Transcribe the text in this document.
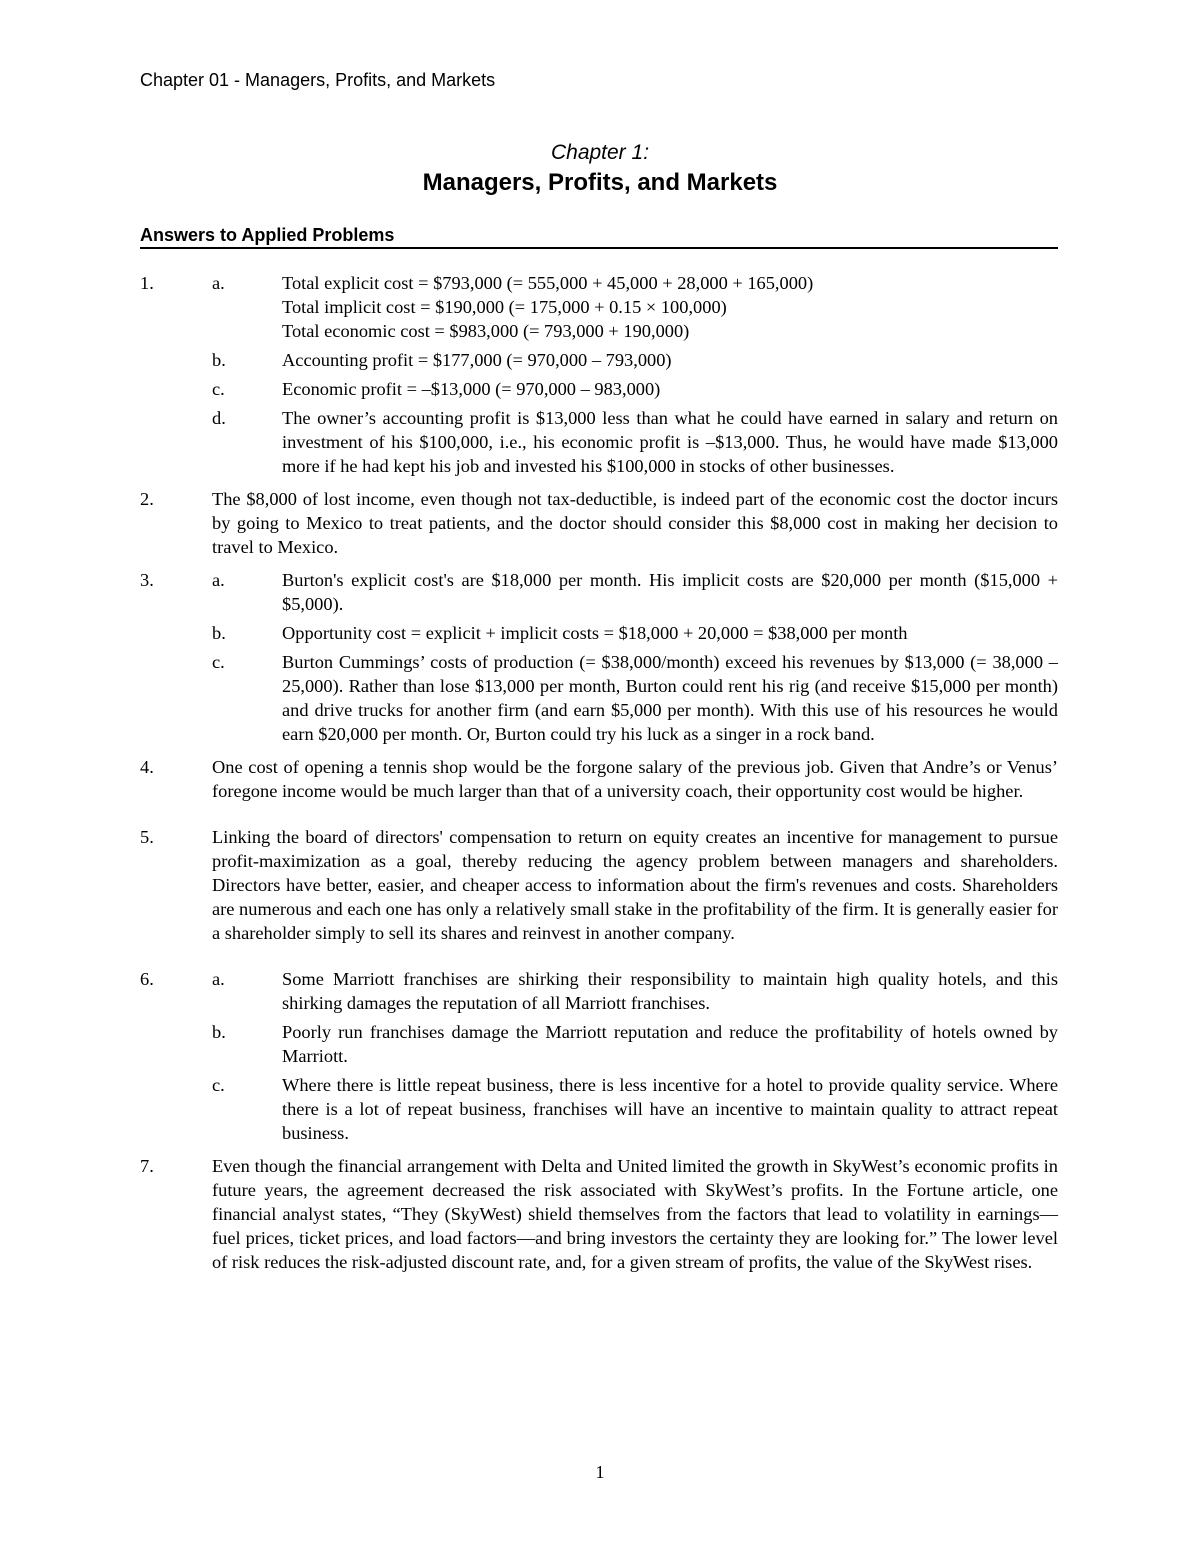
Chapter 01 - Managers, Profits, and Markets
Chapter 1:
Managers, Profits, and Markets
Answers to Applied Problems
1.	a.	Total explicit cost = $793,000 (= 555,000 + 45,000 + 28,000 + 165,000)
Total implicit cost = $190,000 (= 175,000 + 0.15 × 100,000)
Total economic cost = $983,000 (= 793,000 + 190,000)
b.	Accounting profit = $177,000 (= 970,000 – 793,000)
c.	Economic profit = –$13,000 (= 970,000 – 983,000)
d.	The owner’s accounting profit is $13,000 less than what he could have earned in salary and return on investment of his $100,000, i.e., his economic profit is –$13,000. Thus, he would have made $13,000 more if he had kept his job and invested his $100,000 in stocks of other businesses.
2.	The $8,000 of lost income, even though not tax-deductible, is indeed part of the economic cost the doctor incurs by going to Mexico to treat patients, and the doctor should consider this $8,000 cost in making her decision to travel to Mexico.
3.	a.	Burton's explicit cost's are $18,000 per month. His implicit costs are $20,000 per month ($15,000 + $5,000).
b.	Opportunity cost = explicit + implicit costs = $18,000 + 20,000 = $38,000 per month
c.	Burton Cummings’ costs of production (= $38,000/month) exceed his revenues by $13,000 (= 38,000 – 25,000). Rather than lose $13,000 per month, Burton could rent his rig (and receive $15,000 per month) and drive trucks for another firm (and earn $5,000 per month). With this use of his resources he would earn $20,000 per month. Or, Burton could try his luck as a singer in a rock band.
4.	One cost of opening a tennis shop would be the forgone salary of the previous job. Given that Andre’s or Venus’ foregone income would be much larger than that of a university coach, their opportunity cost would be higher.
5.	Linking the board of directors' compensation to return on equity creates an incentive for management to pursue profit-maximization as a goal, thereby reducing the agency problem between managers and shareholders. Directors have better, easier, and cheaper access to information about the firm's revenues and costs. Shareholders are numerous and each one has only a relatively small stake in the profitability of the firm. It is generally easier for a shareholder simply to sell its shares and reinvest in another company.
6.	a.	Some Marriott franchises are shirking their responsibility to maintain high quality hotels, and this shirking damages the reputation of all Marriott franchises.
b.	Poorly run franchises damage the Marriott reputation and reduce the profitability of hotels owned by Marriott.
c.	Where there is little repeat business, there is less incentive for a hotel to provide quality service. Where there is a lot of repeat business, franchises will have an incentive to maintain quality to attract repeat business.
7.	Even though the financial arrangement with Delta and United limited the growth in SkyWest’s economic profits in future years, the agreement decreased the risk associated with SkyWest’s profits. In the Fortune article, one financial analyst states, “They (SkyWest) shield themselves from the factors that lead to volatility in earnings—fuel prices, ticket prices, and load factors—and bring investors the certainty they are looking for.” The lower level of risk reduces the risk-adjusted discount rate, and, for a given stream of profits, the value of the SkyWest rises.
1
